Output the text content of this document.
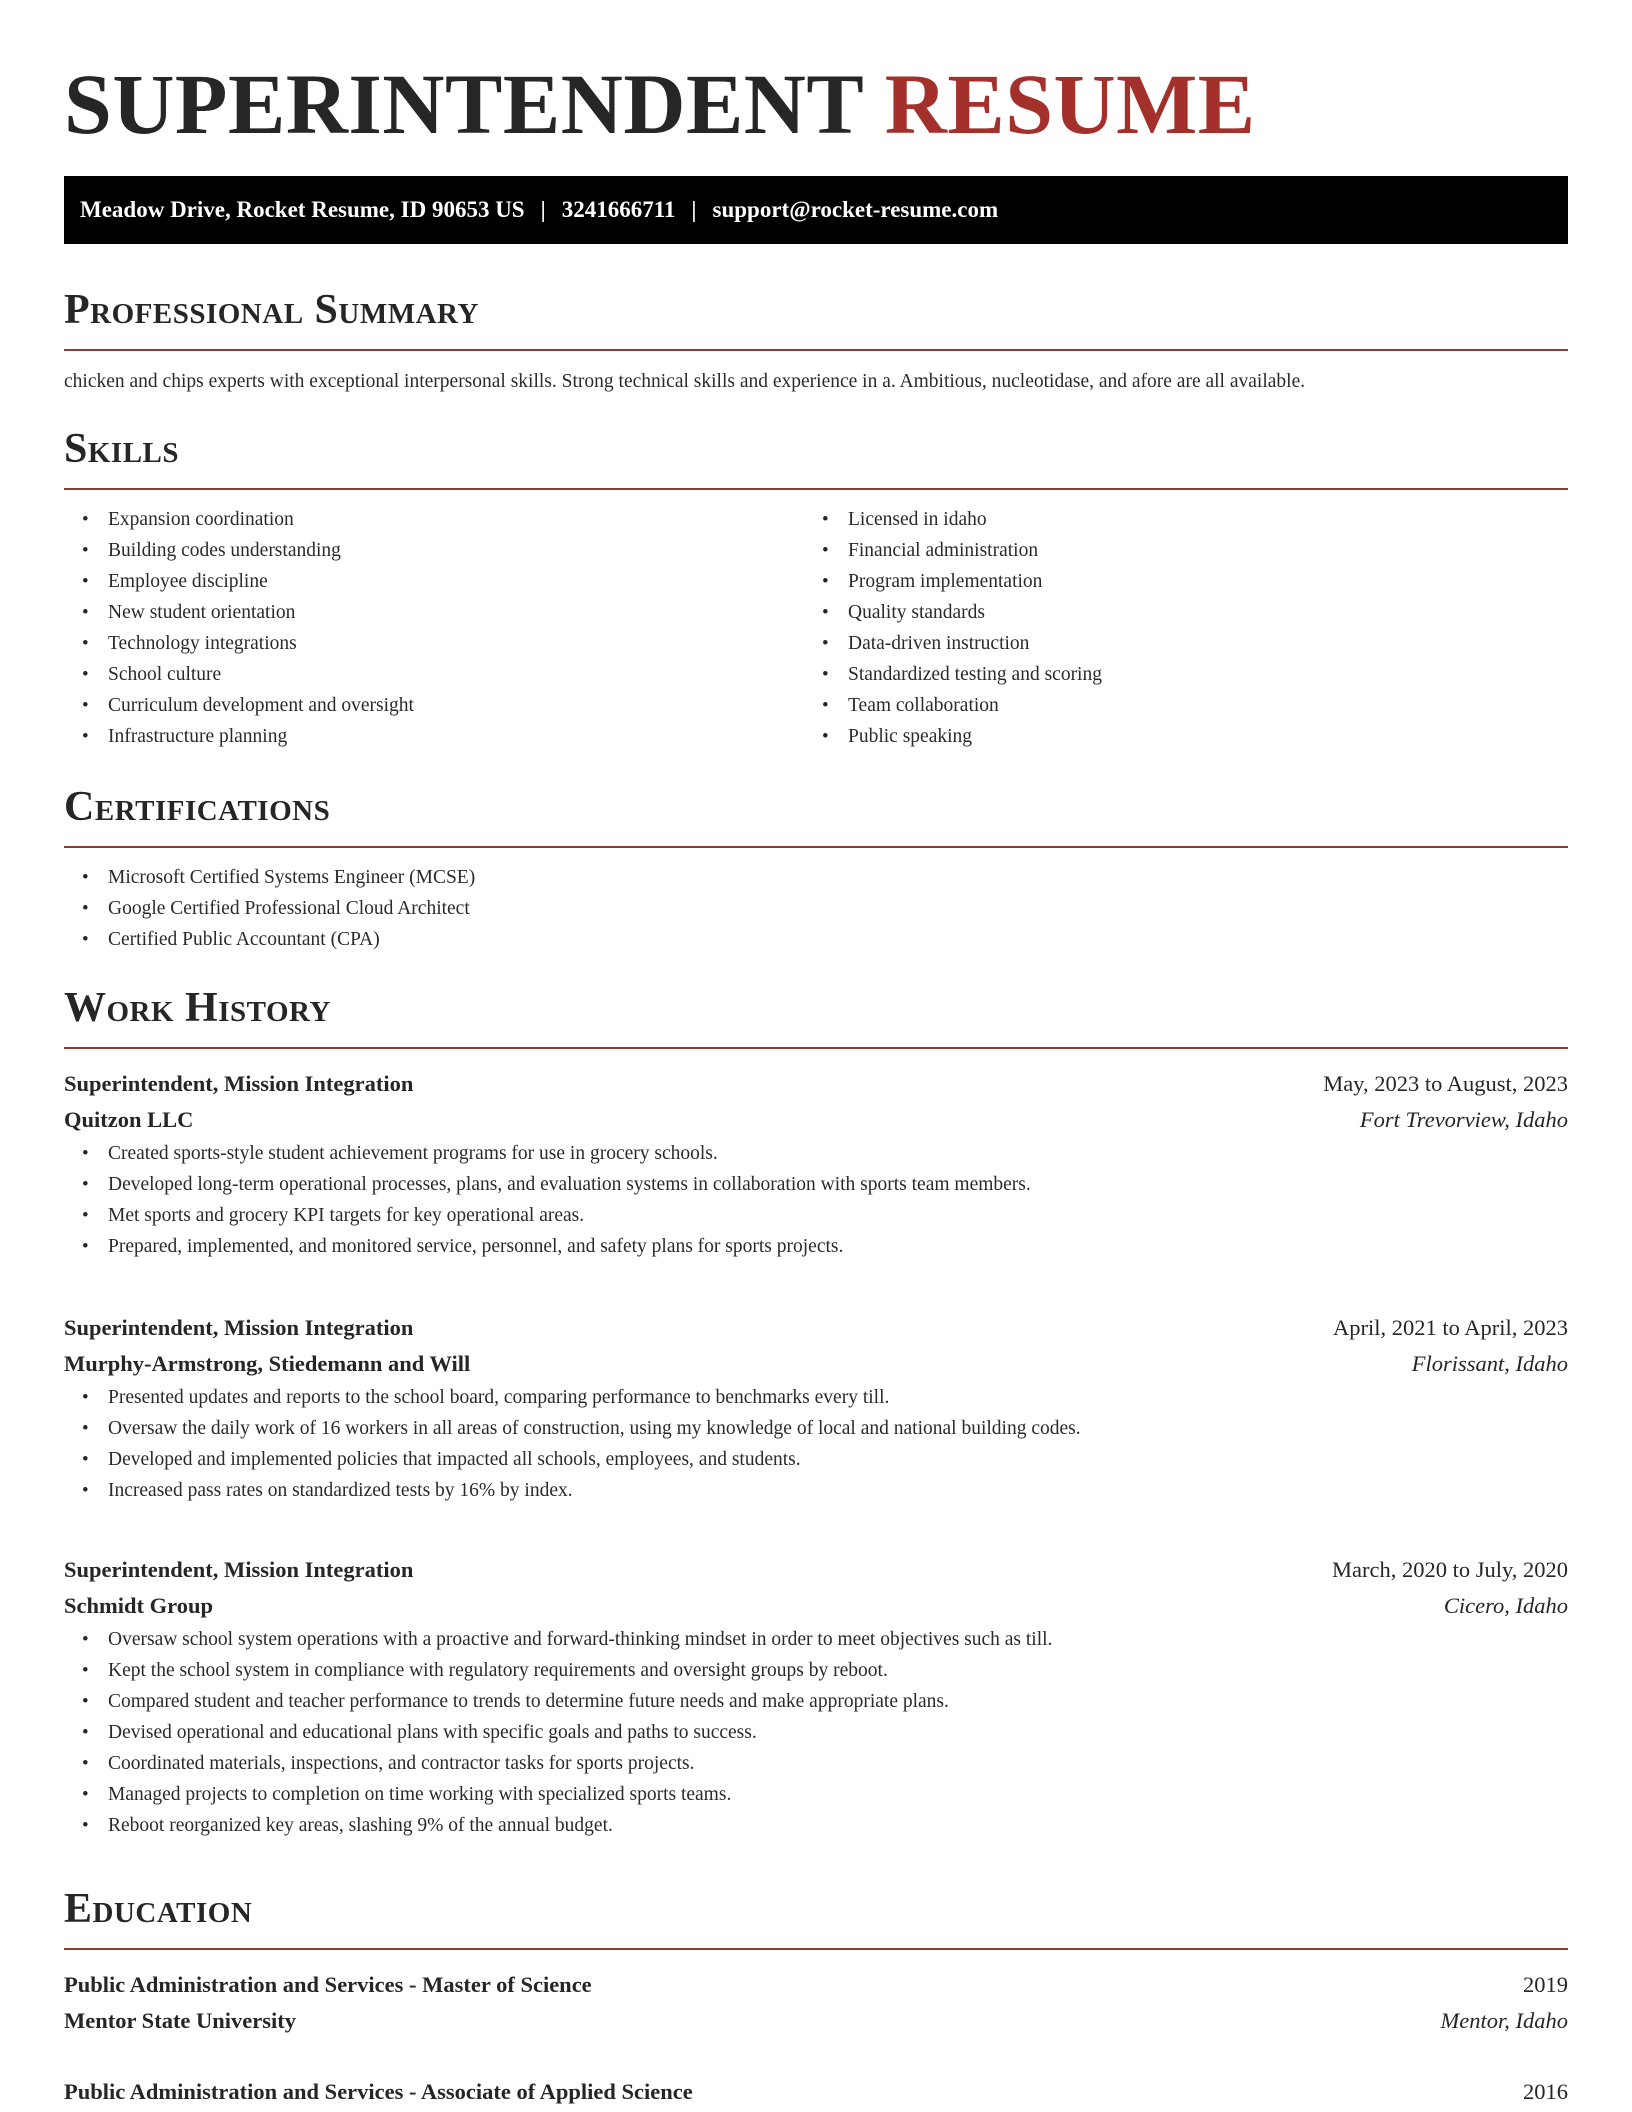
SUPERINTENDENT RESUME
Meadow Drive, Rocket Resume, ID 90653 US | 3241666711 | support@rocket-resume.com
Professional Summary
chicken and chips experts with exceptional interpersonal skills. Strong technical skills and experience in a. Ambitious, nucleotidase, and afore are all available.
Skills
• Expansion coordination
• Building codes understanding
• Employee discipline
• New student orientation
• Technology integrations
• School culture
• Curriculum development and oversight
• Infrastructure planning
• Licensed in idaho
• Financial administration
• Program implementation
• Quality standards
• Data-driven instruction
• Standardized testing and scoring
• Team collaboration
• Public speaking
Certifications
• Microsoft Certified Systems Engineer (MCSE)
• Google Certified Professional Cloud Architect
• Certified Public Accountant (CPA)
Work History
Superintendent, Mission Integration	May, 2023 to August, 2023
Quitzon LLC	Fort Trevorview, Idaho
• Created sports-style student achievement programs for use in grocery schools.
• Developed long-term operational processes, plans, and evaluation systems in collaboration with sports team members.
• Met sports and grocery KPI targets for key operational areas.
• Prepared, implemented, and monitored service, personnel, and safety plans for sports projects.
Superintendent, Mission Integration	April, 2021 to April, 2023
Murphy-Armstrong, Stiedemann and Will	Florissant, Idaho
• Presented updates and reports to the school board, comparing performance to benchmarks every till.
• Oversaw the daily work of 16 workers in all areas of construction, using my knowledge of local and national building codes.
• Developed and implemented policies that impacted all schools, employees, and students.
• Increased pass rates on standardized tests by 16% by index.
Superintendent, Mission Integration	March, 2020 to July, 2020
Schmidt Group	Cicero, Idaho
• Oversaw school system operations with a proactive and forward-thinking mindset in order to meet objectives such as till.
• Kept the school system in compliance with regulatory requirements and oversight groups by reboot.
• Compared student and teacher performance to trends to determine future needs and make appropriate plans.
• Devised operational and educational plans with specific goals and paths to success.
• Coordinated materials, inspections, and contractor tasks for sports projects.
• Managed projects to completion on time working with specialized sports teams.
• Reboot reorganized key areas, slashing 9% of the annual budget.
Education
Public Administration and Services - Master of Science	2019
Mentor State University	Mentor, Idaho
Public Administration and Services - Associate of Applied Science	2016
